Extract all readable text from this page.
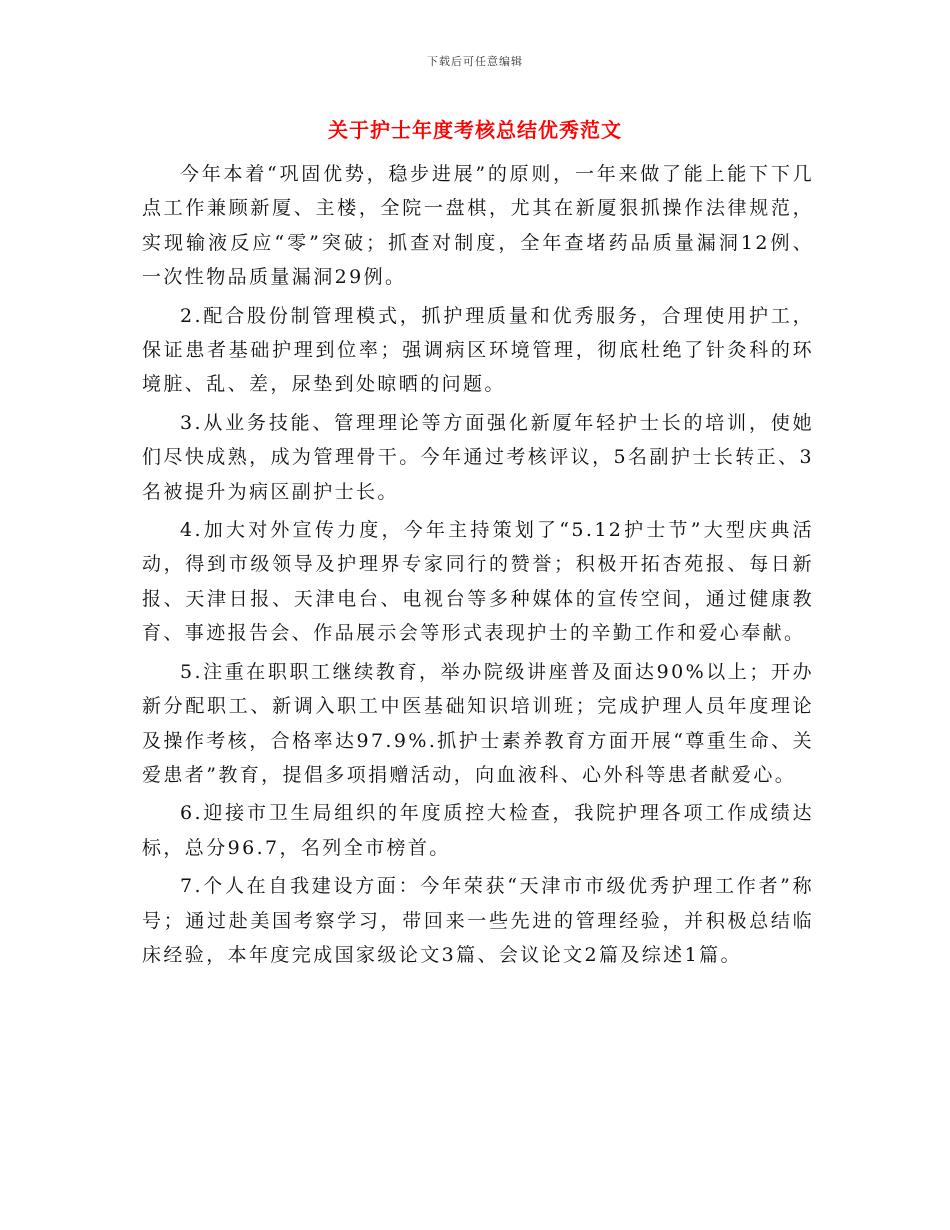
下载后可任意编辑
关于护士年度考核总结优秀范文

今年本着“巩固优势，稳步进展”的原则，一年来做了能上能下下几点工作兼顾新厦、主楼，全院一盘棋，尤其在新厦狠抓操作法律规范，实现输液反应“零”突破；抓查对制度，全年查堵药品质量漏洞12例、一次性物品质量漏洞29例。

2.配合股份制管理模式，抓护理质量和优秀服务，合理使用护工，保证患者基础护理到位率；强调病区环境管理，彻底杜绝了针灸科的环境脏、乱、差，尿垫到处晾晒的问题。

3.从业务技能、管理理论等方面强化新厦年轻护士长的培训，使她们尽快成熟，成为管理骨干。今年通过考核评议，5名副护士长转正、3名被提升为病区副护士长。

4.加大对外宣传力度，今年主持策划了“5.12护士节”大型庆典活动，得到市级领导及护理界专家同行的赞誉；积极开拓杏苑报、每日新报、天津日报、天津电台、电视台等多种媒体的宣传空间，通过健康教育、事迹报告会、作品展示会等形式表现护士的辛勤工作和爱心奉献。

5.注重在职职工继续教育，举办院级讲座普及面达90%以上；开办新分配职工、新调入职工中医基础知识培训班；完成护理人员年度理论及操作考核，合格率达97.9%.抓护士素养教育方面开展“尊重生命、关爱患者”教育，提倡多项捐赠活动，向血液科、心外科等患者献爱心。

6.迎接市卫生局组织的年度质控大检查，我院护理各项工作成绩达标，总分96.7，名列全市榜首。

7.个人在自我建设方面：今年荣获“天津市市级优秀护理工作者”称号；通过赴美国考察学习，带回来一些先进的管理经验，并积极总结临床经验，本年度完成国家级论文3篇、会议论文2篇及综述1篇。
